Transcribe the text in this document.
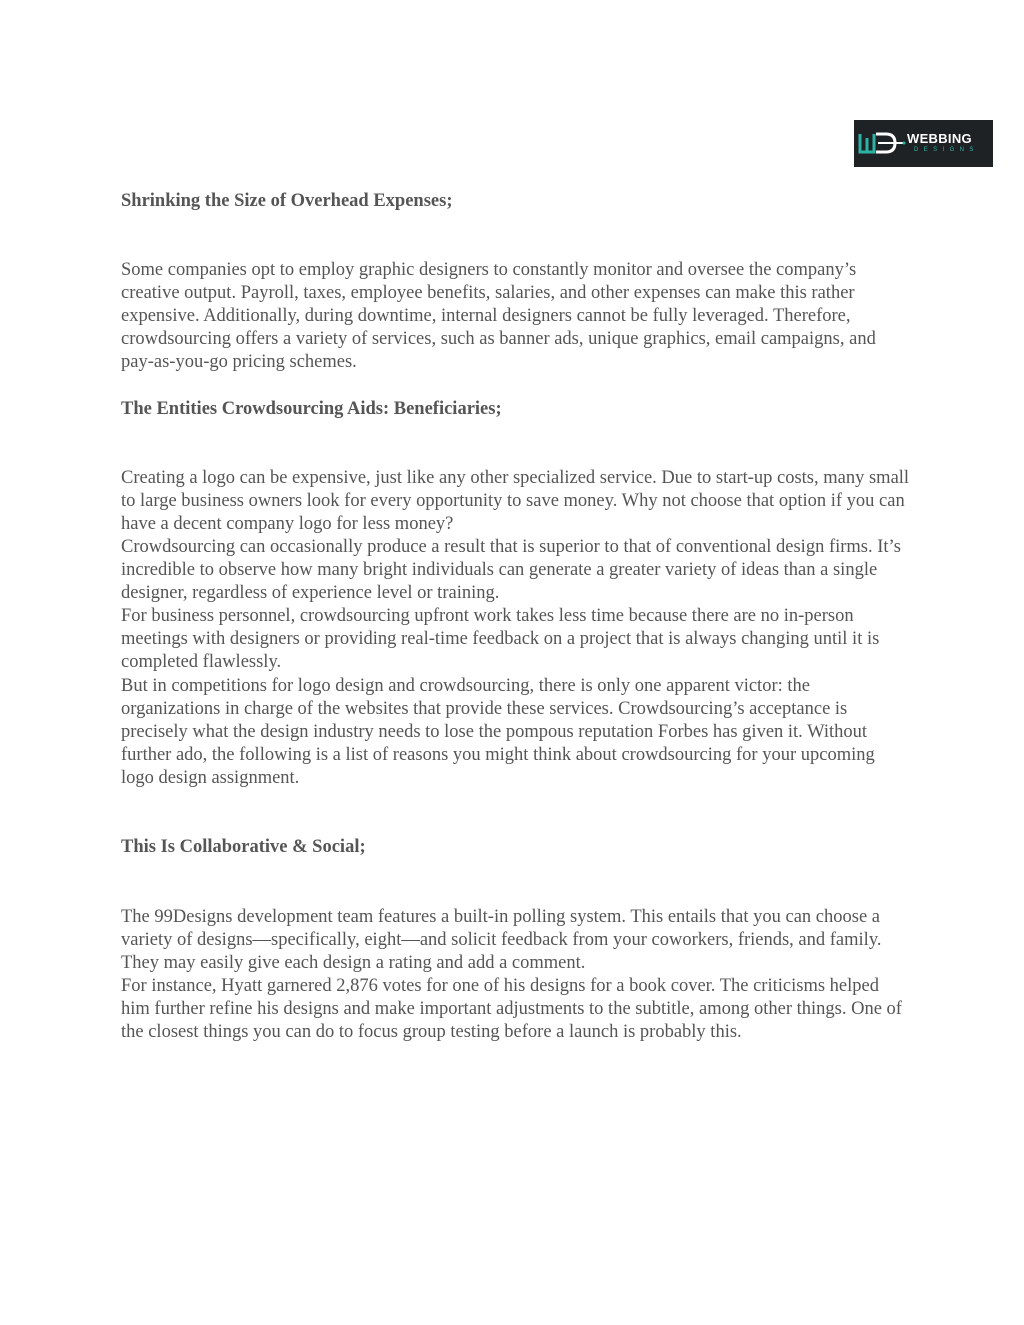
WEBBING
DESIGNS
Shrinking the Size of Overhead Expenses;

Some companies opt to employ graphic designers to constantly monitor and oversee the company’s creative output. Payroll, taxes, employee benefits, salaries, and other expenses can make this rather expensive. Additionally, during downtime, internal designers cannot be fully leveraged. Therefore, crowdsourcing offers a variety of services, such as banner ads, unique graphics, email campaigns, and pay-as-you-go pricing schemes.

The Entities Crowdsourcing Aids: Beneficiaries;

Creating a logo can be expensive, just like any other specialized service. Due to start-up costs, many small to large business owners look for every opportunity to save money. Why not choose that option if you can have a decent company logo for less money?

Crowdsourcing can occasionally produce a result that is superior to that of conventional design firms. It’s incredible to observe how many bright individuals can generate a greater variety of ideas than a single designer, regardless of experience level or training.

For business personnel, crowdsourcing upfront work takes less time because there are no in-person meetings with designers or providing real-time feedback on a project that is always changing until it is completed flawlessly.

But in competitions for logo design and crowdsourcing, there is only one apparent victor: the organizations in charge of the websites that provide these services. Crowdsourcing’s acceptance is precisely what the design industry needs to lose the pompous reputation Forbes has given it. Without further ado, the following is a list of reasons you might think about crowdsourcing for your upcoming logo design assignment.

This Is Collaborative & Social;

The 99Designs development team features a built-in polling system. This entails that you can choose a variety of designs—specifically, eight—and solicit feedback from your coworkers, friends, and family. They may easily give each design a rating and add a comment.

For instance, Hyatt garnered 2,876 votes for one of his designs for a book cover. The criticisms helped him further refine his designs and make important adjustments to the subtitle, among other things. One of the closest things you can do to focus group testing before a launch is probably this.
